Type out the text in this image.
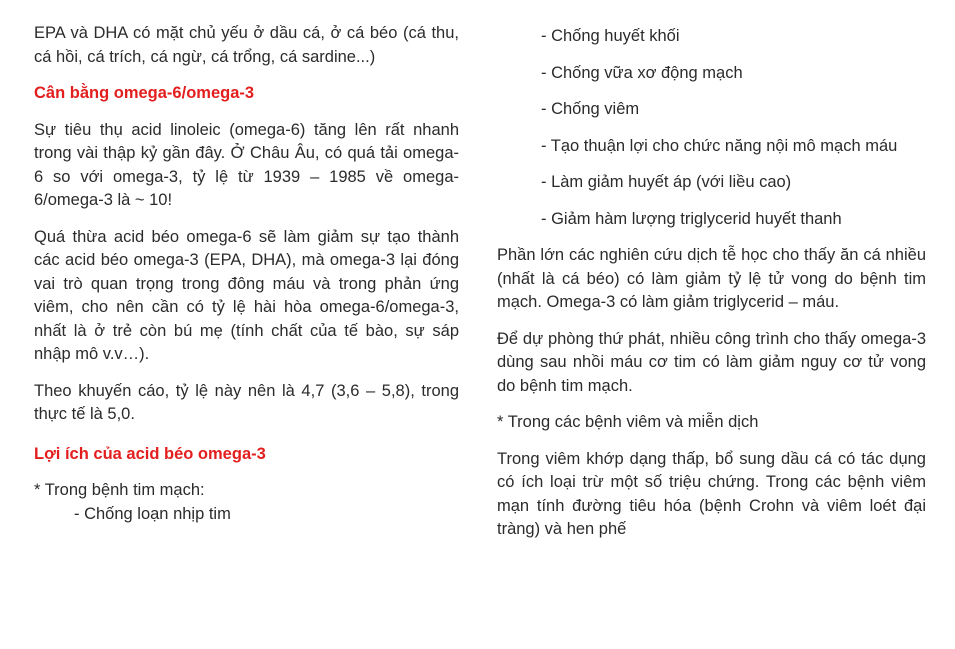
EPA và DHA có mặt chủ yếu ở dầu cá, ở cá béo (cá thu, cá hồi, cá trích, cá ngừ, cá trổng, cá sardine...)

Cân bằng omega-6/omega-3

Sự tiêu thụ acid linoleic (omega-6) tăng lên rất nhanh trong vài thập kỷ gần đây. Ở Châu Âu, có quá tải omega-6 so với omega-3, tỷ lệ từ 1939 – 1985 về omega-6/omega-3 là ~ 10!

Quá thừa acid béo omega-6 sẽ làm giảm sự tạo thành các acid béo omega-3 (EPA, DHA), mà omega-3 lại đóng vai trò quan trọng trong đông máu và trong phản ứng viêm, cho nên cần có tỷ lệ hài hòa omega-6/omega-3, nhất là ở trẻ còn bú mẹ (tính chất của tế bào, sự sáp nhập mô v.v…).

Theo khuyến cáo, tỷ lệ này nên là 4,7 (3,6 – 5,8), trong thực tế là 5,0.

Lợi ích của acid béo omega-3

* Trong bệnh tim mạch:

- Chống loạn nhịp tim

- Chống huyết khối

- Chống vữa xơ động mạch

- Chống viêm

- Tạo thuận lợi cho chức năng nội mô mạch máu

- Làm giảm huyết áp (với liều cao)

- Giảm hàm lượng triglycerid huyết thanh

Phần lớn các nghiên cứu dịch tễ học cho thấy ăn cá nhiều (nhất là cá béo) có làm giảm tỷ lệ tử vong do bệnh tim mạch. Omega-3 có làm giảm triglycerid – máu.

Để dự phòng thứ phát, nhiều công trình cho thấy omega-3 dùng sau nhồi máu cơ tim có làm giảm nguy cơ tử vong do bệnh tim mạch.

* Trong các bệnh viêm và miễn dịch

Trong viêm khớp dạng thấp, bổ sung dầu cá có tác dụng có ích loại trừ một số triệu chứng. Trong các bệnh viêm mạn tính đường tiêu hóa (bệnh Crohn và viêm loét đại tràng) và hen phế
